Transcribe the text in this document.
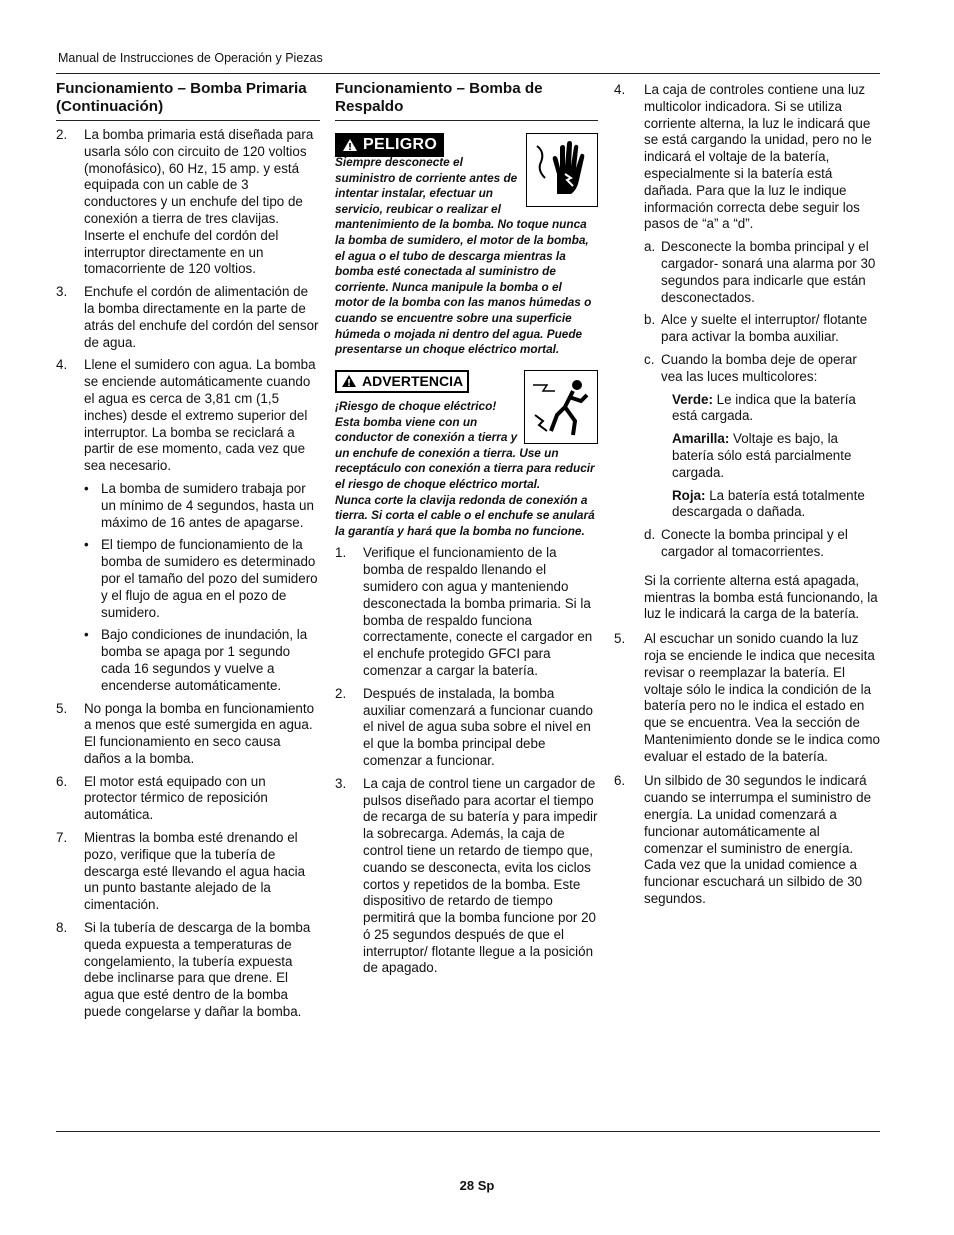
Manual de Instrucciones de Operación y Piezas
Funcionamiento – Bomba Primaria (Continuación)
2.	La bomba primaria está diseñada para usarla sólo con circuito de 120 voltios (monofásico), 60 Hz, 15 amp. y está equipada con un cable de 3 conductores y un enchufe del tipo de conexión a tierra de tres clavijas. Inserte el enchufe del cordón del interruptor directamente en un tomacorriente de 120 voltios.
3.	Enchufe el cordón de alimentación de la bomba directamente en la parte de atrás del enchufe del cordón del sensor de agua.
4.	Llene el sumidero con agua. La bomba se enciende automáticamente cuando el agua es cerca de 3,81 cm (1,5 inches) desde el extremo superior del interruptor. La bomba se reciclará a partir de ese momento, cada vez que sea necesario.
• La bomba de sumidero trabaja por un mínimo de 4 segundos, hasta un máximo de 16 antes de apagarse.
• El tiempo de funcionamiento de la bomba de sumidero es determinado por el tamaño del pozo del sumidero y el flujo de agua en el pozo de sumidero.
• Bajo condiciones de inundación, la bomba se apaga por 1 segundo cada 16 segundos y vuelve a encenderse automáticamente.
5.	No ponga la bomba en funcionamiento a menos que esté sumergida en agua. El funcionamiento en seco causa daños a la bomba.
6.	El motor está equipado con un protector térmico de reposición automática.
7.	Mientras la bomba esté drenando el pozo, verifique que la tubería de descarga esté llevando el agua hacia un punto bastante alejado de la cimentación.
8.	Si la tubería de descarga de la bomba queda expuesta a temperaturas de congelamiento, la tubería expuesta debe inclinarse para que drene. El agua que esté dentro de la bomba puede congelarse y dañar la bomba.
Funcionamiento – Bomba de Respaldo
PELIGRO
Siempre desconecte el suministro de corriente antes de intentar instalar, efectuar un servicio, reubicar o realizar el mantenimiento de la bomba. No toque nunca la bomba de sumidero, el motor de la bomba, el agua o el tubo de descarga mientras la bomba esté conectada al suministro de corriente. Nunca manipule la bomba o el motor de la bomba con las manos húmedas o cuando se encuentre sobre una superficie húmeda o mojada ni dentro del agua. Puede presentarse un choque eléctrico mortal.
ADVERTENCIA
¡Riesgo de choque eléctrico! Esta bomba viene con un conductor de conexión a tierra y un enchufe de conexión a tierra. Use un receptáculo con conexión a tierra para reducir el riesgo de choque eléctrico mortal.
Nunca corte la clavija redonda de conexión a tierra. Si corta el cable o el enchufe se anulará la garantía y hará que la bomba no funcione.
1.	Verifique el funcionamiento de la bomba de respaldo llenando el sumidero con agua y manteniendo desconectada la bomba primaria. Si la bomba de respaldo funciona correctamente, conecte el cargador en el enchufe protegido GFCI para comenzar a cargar la batería.
2.	Después de instalada, la bomba auxiliar comenzará a funcionar cuando el nivel de agua suba sobre el nivel en el que la bomba principal debe comenzar a funcionar.
3.	La caja de control tiene un cargador de pulsos diseñado para acortar el tiempo de recarga de su batería y para impedir la sobrecarga. Además, la caja de control tiene un retardo de tiempo que, cuando se desconecta, evita los ciclos cortos y repetidos de la bomba. Este dispositivo de retardo de tiempo permitirá que la bomba funcione por 20 ó 25 segundos después de que el interruptor/ flotante llegue a la posición de apagado.
4.	La caja de controles contiene una luz multicolor indicadora. Si se utiliza corriente alterna, la luz le indicará que se está cargando la unidad, pero no le indicará el voltaje de la batería, especialmente si la batería está dañada. Para que la luz le indique información correcta debe seguir los pasos de “a” a “d”.
a. Desconecte la bomba principal y el cargador- sonará una alarma por 30 segundos para indicarle que están desconectados.
b. Alce y suelte el interruptor/ flotante para activar la bomba auxiliar.
c. Cuando la bomba deje de operar vea las luces multicolores:
Verde: Le indica que la batería está cargada.
Amarilla: Voltaje es bajo, la batería sólo está parcialmente cargada.
Roja: La batería está totalmente descargada o dañada.
d. Conecte la bomba principal y el cargador al tomacorrientes.
Si la corriente alterna está apagada, mientras la bomba está funcionando, la luz le indicará la carga de la batería.
5.	Al escuchar un sonido cuando la luz roja se enciende le indica que necesita revisar o reemplazar la batería. El voltaje sólo le indica la condición de la batería pero no le indica el estado en que se encuentra. Vea la sección de Mantenimiento donde se le indica como evaluar el estado de la batería.
6.	Un silbido de 30 segundos le indicará cuando se interrumpa el suministro de energía. La unidad comenzará a funcionar automáticamente al comenzar el suministro de energía. Cada vez que la unidad comience a funcionar escuchará un silbido de 30 segundos.
28 Sp
